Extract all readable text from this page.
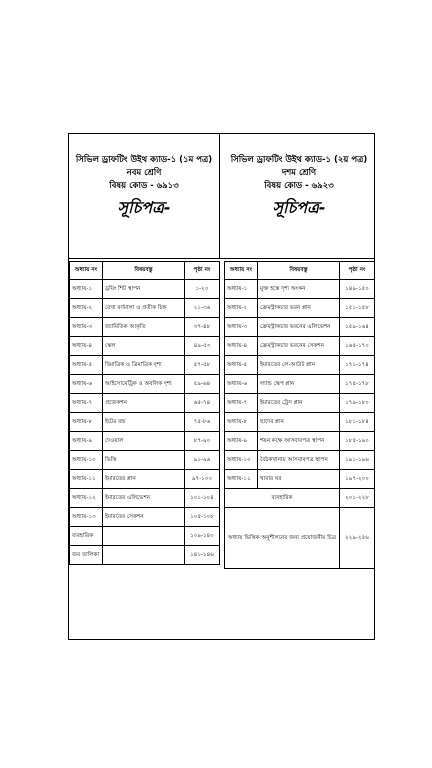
সিভিল ড্রাফটিং উইথ ক্যাড-১ (১ম পত্র)
নবম শ্রেণি
বিষয় কোড - ৬৯১৩
সূচিপত্র-
সিভিল ড্রাফটিং উইথ ক্যাড-১ (২য় পত্র)
দশম শ্রেণি
বিষয় কোড - ৬৯২৩
সূচিপত্র-
অধ্যায় নং	বিষয়বস্তু	পৃষ্ঠা নং
অধ্যায়-১	ড্রয়িং শিট স্থাপন	১-২০
অধ্যায়-২	রেখা বর্ণমালা ও প্রতীক চিহ্ন	২১-৩৬
অধ্যায়-৩	জ্যামিতিক আকৃতি	৩৭-৪৮
অধ্যায়-৪	স্কেল	৪৯-৫৩
অধ্যায়-৫	দ্বিমাত্রিক ও ত্রিমাত্রিক দৃশ্য	৫৭-৫৮
অধ্যায়-৬	আইসোমেট্রিক ও অবলিক দৃশ্য	৫৯-৬৪
অধ্যায়-৭	প্রজেকশন	৬৫-৭৪
অধ্যায়-৮	ইটের বন্ড	৭৫-৮৬
অধ্যায়-৯	দেওয়াল	৮৭-৯০
অধ্যায়-১০	ভিত্তি	৯১-৯৬
অধ্যায়-১১	ইমারতের প্লান	৯৭-১০০
অধ্যায়-১২	ইমারতের এলিভেশন	১০১-১০৪
অধ্যায়-১৩	ইমারতের সেকশন	১০৫-১০৮
ব্যবহারিক		১০৯-১৪০
জব তালিকা		১৪১-১৪৬
অধ্যায় নং	বিষয়বস্তু	পৃষ্ঠা নং
অধ্যায়-১	মুক্ত হস্তে দৃশ্য অংকন	১৪৯-১৫০
অধ্যায়-২	ফ্রেমস্ট্রাকচার ভবন প্লান	১৫১-১৫৮
অধ্যায়-৩	ফ্রেমস্ট্রাকচার ভবনের এলিভেশন	১৫৯-১৬৪
অধ্যায়-৪	ফ্রেমস্ট্রাকচার ভবনের সেকশন	১৬৫-১৭০
অধ্যায়-৫	ইমারতের লে-আউট প্লান	১৭১-১৭৪
অধ্যায়-৬	ল্যান্ড স্কেপ প্লান	১৭৫-১৭৮
অধ্যায়-৭	ইমারতের ট্রেস প্লান	১৭৯-১৮০
অধ্যায়-৮	ছাদের প্লান	১৮১-১৮৪
অধ্যায়-৯	শয়ন কক্ষে আসবাবপত্র স্থাপন	১৮৫-১৯০
অধ্যায়-১০	বৈঠকখানায় আসবাবপত্র স্থাপন	১৯১-১৯৬
অধ্যায়-১১	খাবার ঘর	১৯৭-২০০
ব্যবহারিক		২০১-২২৮
অধ্যায় ভিত্তিক অনুশীলনের জন্য প্রয়োজনীয় চিত্র		২২৯-২৫৬
